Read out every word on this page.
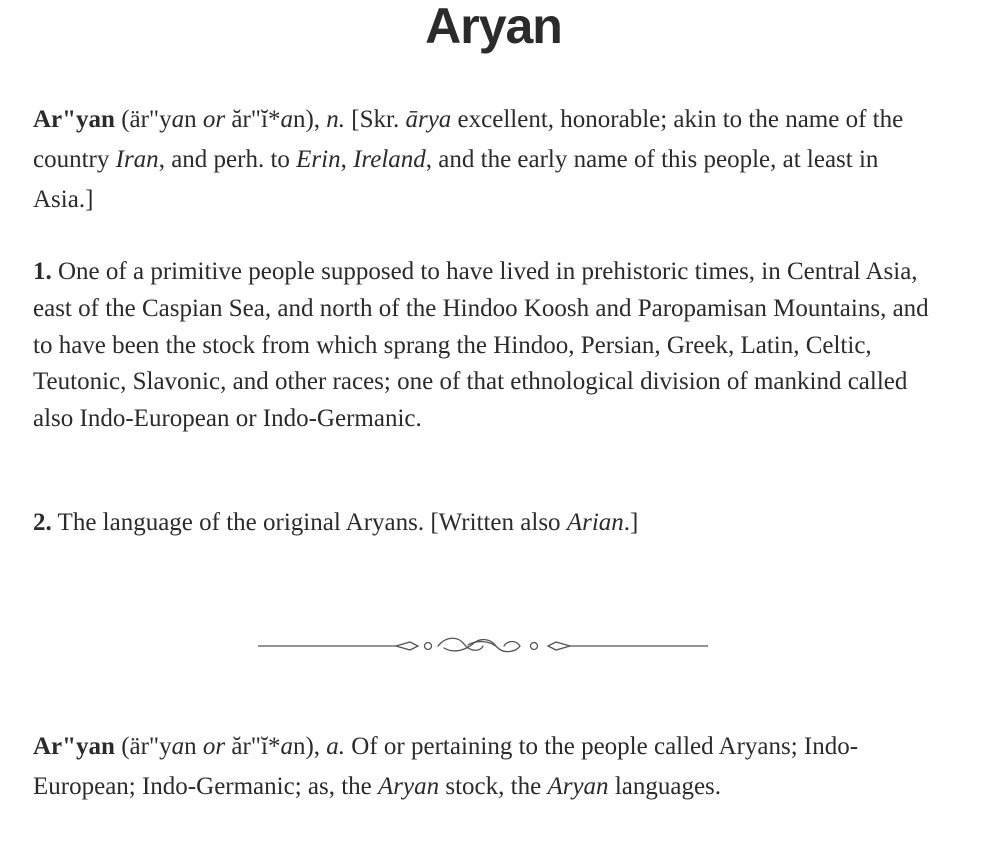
Aryan

Ar"yan (är"yan or ăr"ĭ*an), n. [Skr. ārya excellent, honorable; akin to the name of the country Iran, and perh. to Erin, Ireland, and the early name of this people, at least in Asia.]

1. One of a primitive people supposed to have lived in prehistoric times, in Central Asia, east of the Caspian Sea, and north of the Hindoo Koosh and Paropamisan Mountains, and to have been the stock from which sprang the Hindoo, Persian, Greek, Latin, Celtic, Teutonic, Slavonic, and other races; one of that ethnological division of mankind called also Indo-European or Indo-Germanic.

2. The language of the original Aryans. [Written also Arian.]

Ar"yan (är"yan or ăr"ĭ*an), a. Of or pertaining to the people called Aryans; Indo-European; Indo-Germanic; as, the Aryan stock, the Aryan languages.
